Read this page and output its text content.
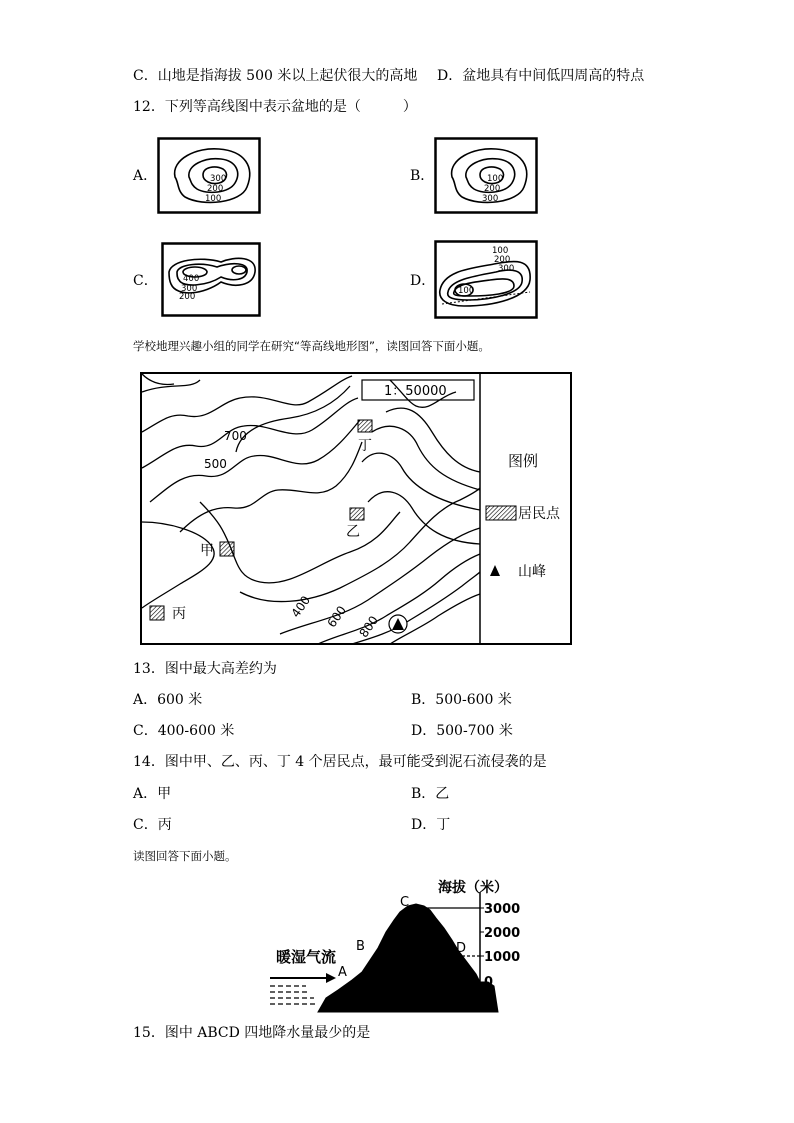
C．山地是指海拔 500 米以上起伏很大的高地 D．盆地具有中间低四周高的特点
12．下列等高线图中表示盆地的是（　　　）
A．	300
200
100
B．	100
200
300
C．	400
300
200
D．
100
200
300
100
学校地理兴趣小组的同学在研究“等高线地形图”，读图回答下面小题。
1：50000
700
500
400 600 800
甲
乙
丙
丁
图例
居民点
山峰
13．图中最大高差约为
A．600 米	B．500-600 米
C．400-600 米	D．500-700 米
14．图中甲、乙、丙、丁 4 个居民点，最可能受到泥石流侵袭的是
A．甲	B．乙
C．丙	D．丁
读图回答下面小题。
暖湿气流
A
B
C
D
海拔（米）
3000
2000
1000
0
15．图中 ABCD 四地降水量最少的是
